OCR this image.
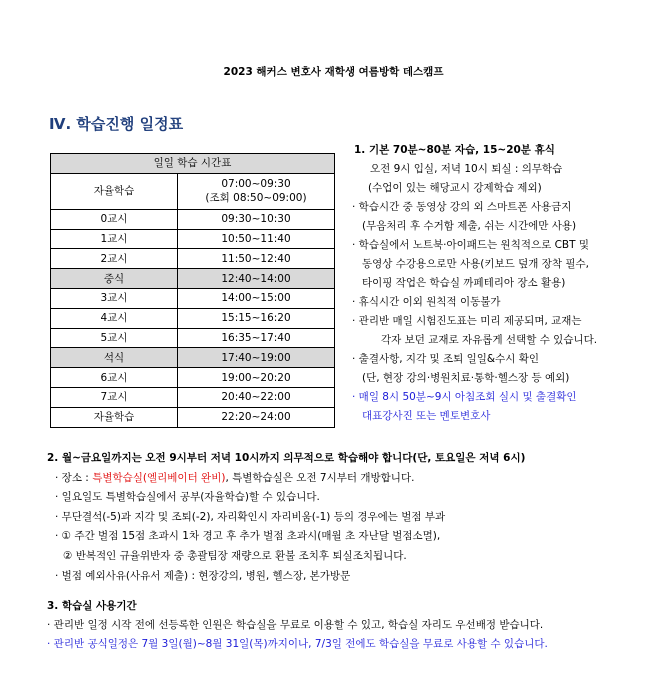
2023 해커스 변호사 재학생 여름방학 데스캠프
Ⅳ. 학습진행 일정표
일일 학습 시간표	
자율학습	07:00~09:30
(조회 08:50~09:00)

0교시	09:30~10:30
1교시	10:50~11:40
2교시	11:50~12:40
중식	12:40~14:00
3교시	14:00~15:00
4교시	15:15~16:20
5교시	16:35~17:40
석식	17:40~19:00
6교시	19:00~20:20
7교시	20:40~22:00
자율학습	22:20~24:00

1. 기본 70분~80분 자습, 15~20분 휴식

오전 9시 입실, 저녁 10시 퇴실 : 의무학습

(수업이 있는 해당교시 강제학습 제외)

· 학습시간 중 동영상 강의 외 스마트폰 사용금지

(무음처리 후 수거함 제출, 쉬는 시간에만 사용)

· 학습실에서 노트북·아이패드는 원칙적으로 CBT 및

동영상 수강용으로만 사용(키보드 덮개 장착 필수,

타이핑 작업은 학습실 까페테리아 장소 활용)

· 휴식시간 이외 원칙적 이동불가

· 관리반 매일 시험진도표는 미리 제공되며, 교재는

각자 보던 교재로 자유롭게 선택할 수 있습니다.

· 출결사항, 지각 및 조퇴 일일&수시 확인

(단, 현장 강의·병원치료·통학·헬스장 등 예외)

· 매일 8시 50분~9시 아침조회 실시 및 출결확인

대표강사진 또는 멘토변호사

2. 월~금요일까지는 오전 9시부터 저녁 10시까지 의무적으로 학습해야 합니다(단, 토요일은 저녁 6시)

· 장소 : 특별학습실(엘리베이터 완비), 특별학습실은 오전 7시부터 개방합니다.

· 일요일도 특별학습실에서 공부(자율학습)할 수 있습니다.

· 무단결석(-5)과 지각 및 조퇴(-2), 자리확인시 자리비움(-1) 등의 경우에는 벌점 부과

· ① 주간 벌점 15점 초과시 1차 경고 후 추가 벌점 초과시(매월 초 자난달 벌점소멸),

② 반복적인 규율위반자 중 총괄팀장 재량으로 환불 조치후 퇴실조치됩니다.

· 벌점 예외사유(사유서 제출) : 현장강의, 병원, 헬스장, 본가방문

3. 학습실 사용기간

· 관리반 일정 시작 전에 선등록한 인원은 학습실을 무료로 이용할 수 있고, 학습실 자리도 우선배정 받습니다.

· 관리반 공식일정은 7월 3일(월)~8월 31일(목)까지이나, 7/3일 전에도 학습실을 무료로 사용할 수 있습니다.
